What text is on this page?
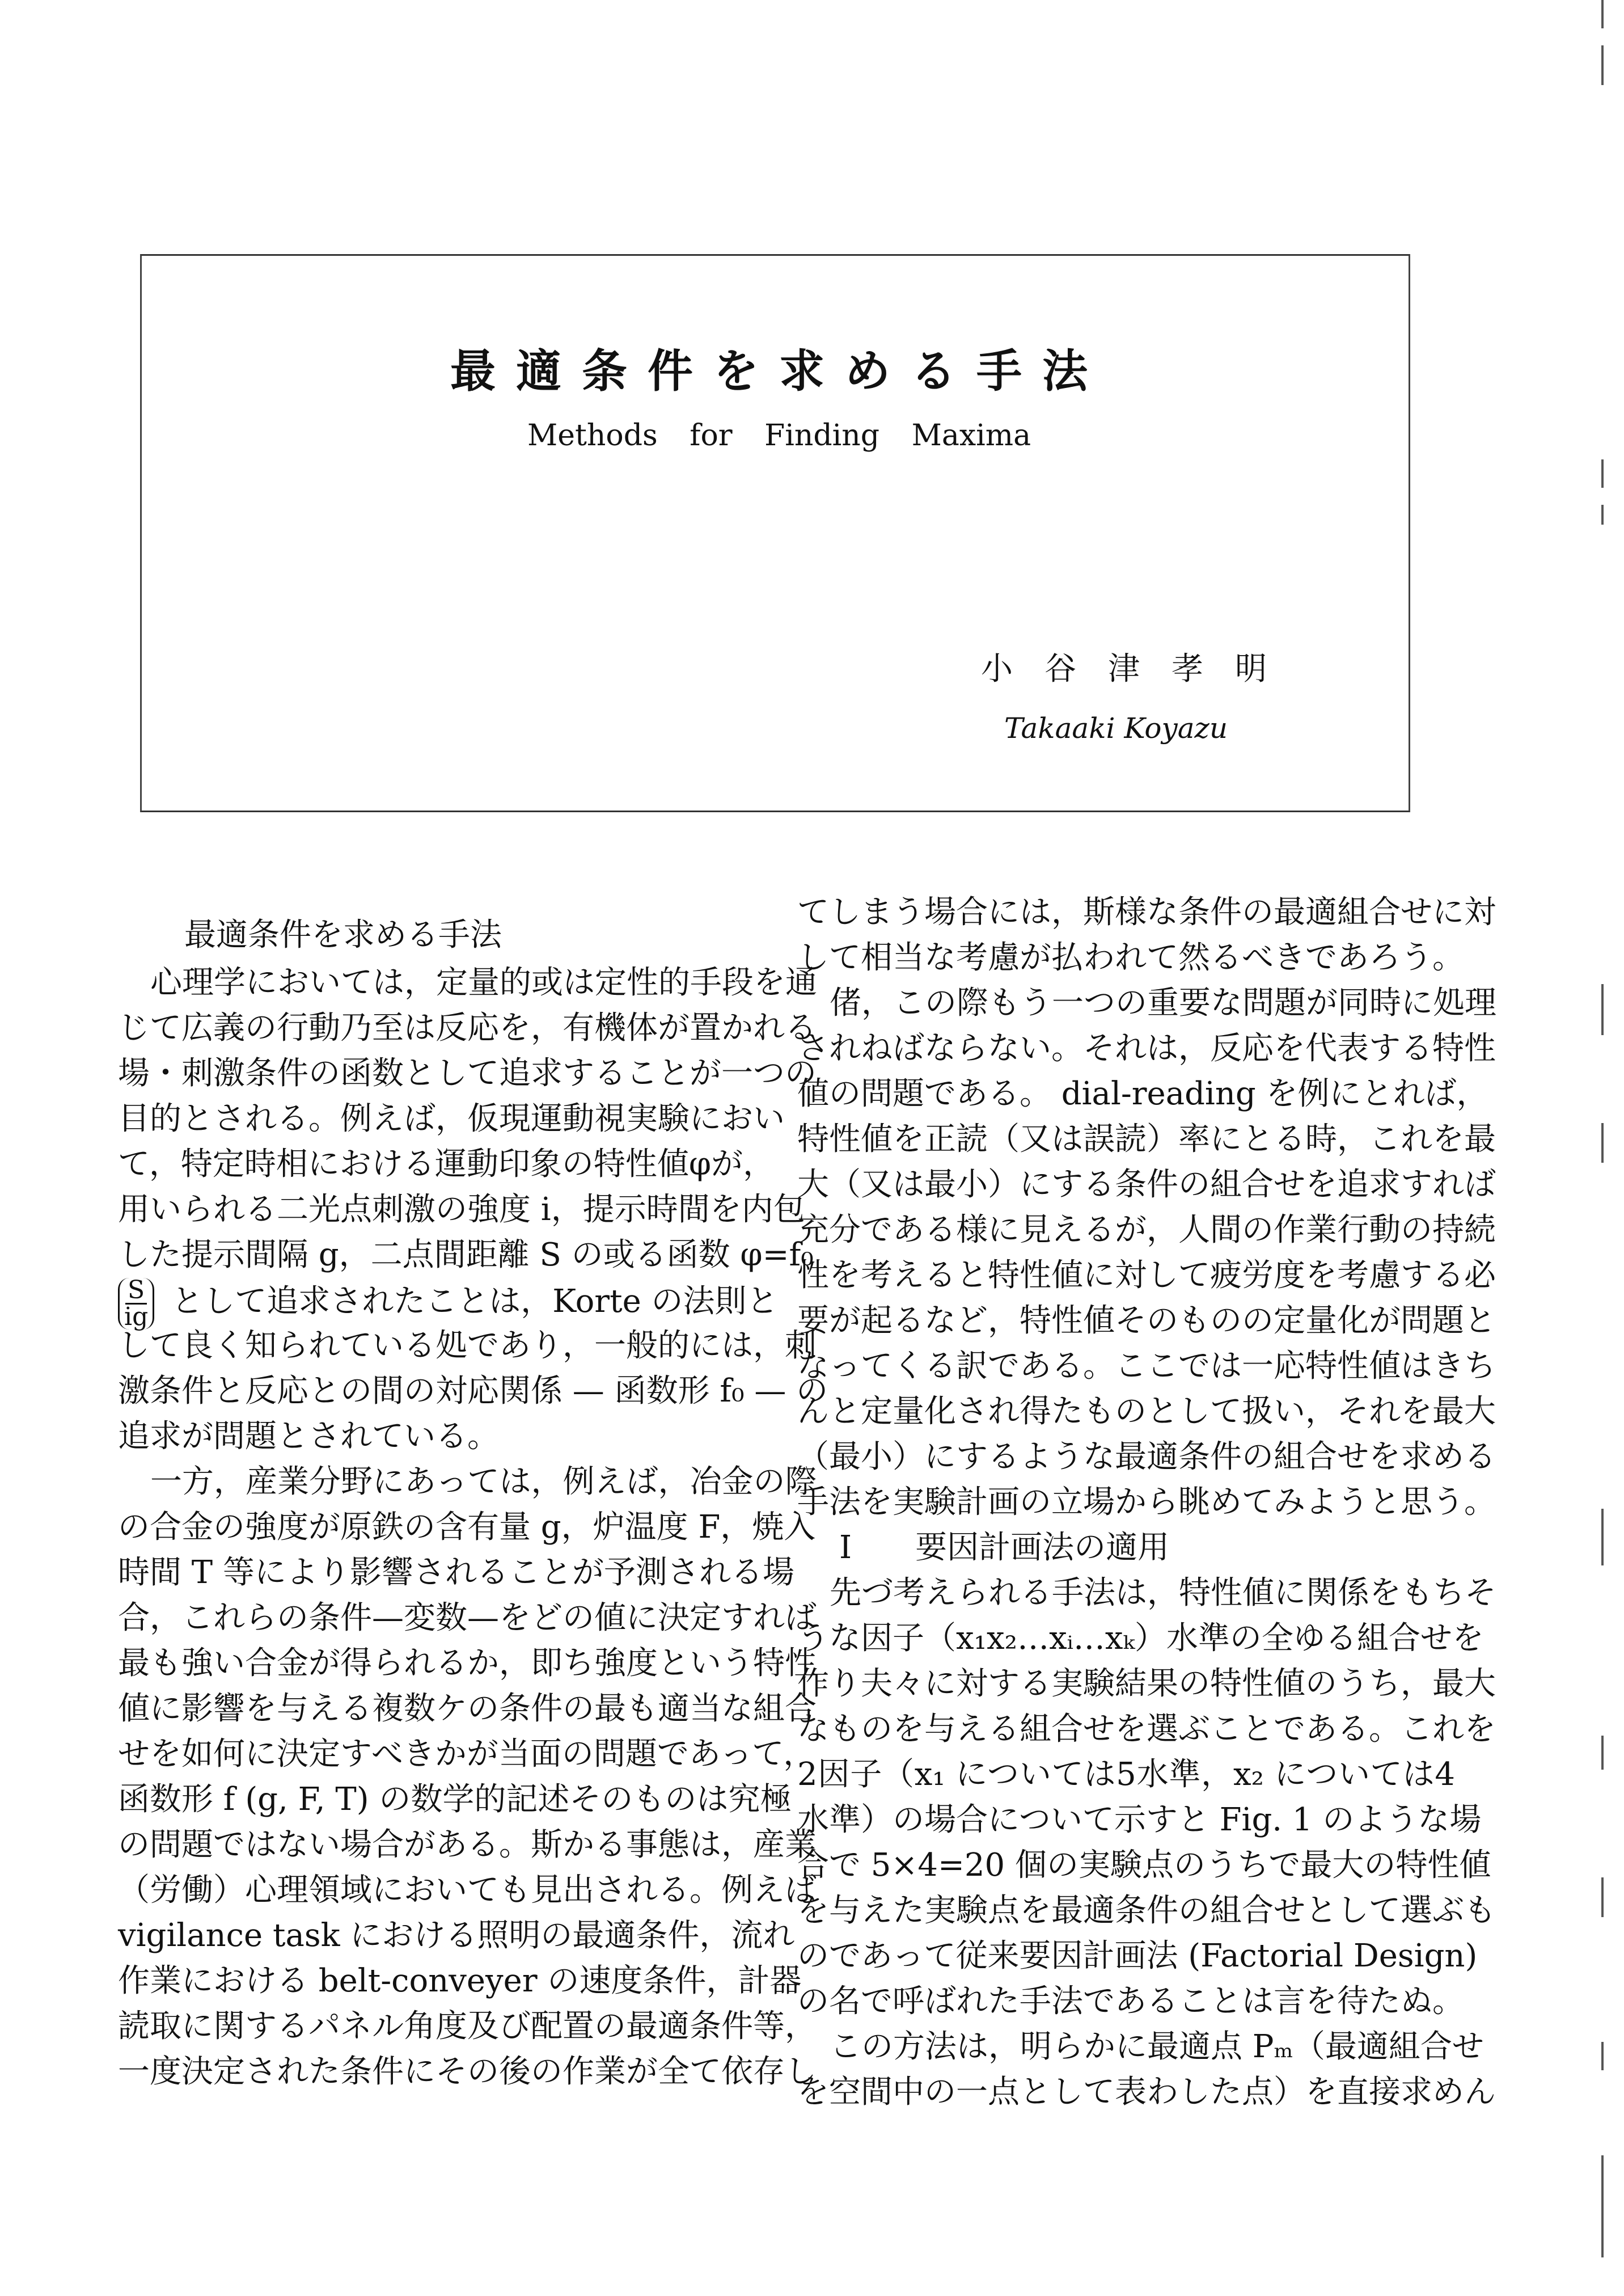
最適条件を求める手法
Methods for Finding Maxima
小谷津孝明
Takaaki Koyazu
最適条件を求める手法
心理学においては，定量的或は定性的手段を通
じて広義の行動乃至は反応を，有機体が置かれる
場・刺激条件の函数として追求することが一つの
目的とされる。例えば，仮現運動視実験におい
て，特定時相における運動印象の特性値φが，
用いられる二光点刺激の強度 i，提示時間を内包
した提示間隔 g，二点間距離 S の或る函数 φ=f₀
$\frac{S}{ig}$ として追求されたことは，Korte の法則と
して良く知られている処であり，一般的には，刺
激条件と反応との間の対応関係 — 函数形 f₀ — の
追求が問題とされている。
一方，産業分野にあっては，例えば，冶金の際
の合金の強度が原鉄の含有量 g，炉温度 F，焼入
時間 T 等により影響されることが予測される場
合，これらの条件—変数—をどの値に決定すれば
最も強い合金が得られるか，即ち強度という特性
値に影響を与える複数ケの条件の最も適当な組合
せを如何に決定すべきかが当面の問題であって，
函数形 f (g, F, T) の数学的記述そのものは究極
の問題ではない場合がある。斯かる事態は，産業
（労働）心理領域においても見出される。例えば
vigilance task における照明の最適条件，流れ
作業における belt-conveyer の速度条件，計器
読取に関するパネル角度及び配置の最適条件等，
一度決定された条件にその後の作業が全て依存し
てしまう場合には，斯様な条件の最適組合せに対
して相当な考慮が払われて然るべきであろう。
偖，この際もう一つの重要な問題が同時に処理
されねばならない。それは，反応を代表する特性
値の問題である。 dial-reading を例にとれば，
特性値を正読（又は誤読）率にとる時，これを最
大（又は最小）にする条件の組合せを追求すれば
充分である様に見えるが，人間の作業行動の持続
性を考えると特性値に対して疲労度を考慮する必
要が起るなど，特性値そのものの定量化が問題と
なってくる訳である。ここでは一応特性値はきち
んと定量化され得たものとして扱い，それを最大
（最小）にするような最適条件の組合せを求める
手法を実験計画の立場から眺めてみようと思う。
I　　要因計画法の適用
先づ考えられる手法は，特性値に関係をもちそ
うな因子（x₁x₂…xᵢ…xₖ）水準の全ゆる組合せを
作り夫々に対する実験結果の特性値のうち，最大
なものを与える組合せを選ぶことである。これを
2因子（x₁ については5水準，x₂ については4
水準）の場合について示すと Fig. 1 のような場
合で 5×4=20 個の実験点のうちで最大の特性値
を与えた実験点を最適条件の組合せとして選ぶも
のであって従来要因計画法 (Factorial Design)
の名で呼ばれた手法であることは言を待たぬ。
この方法は，明らかに最適点 Pₘ（最適組合せ
を空間中の一点として表わした点）を直接求めん
